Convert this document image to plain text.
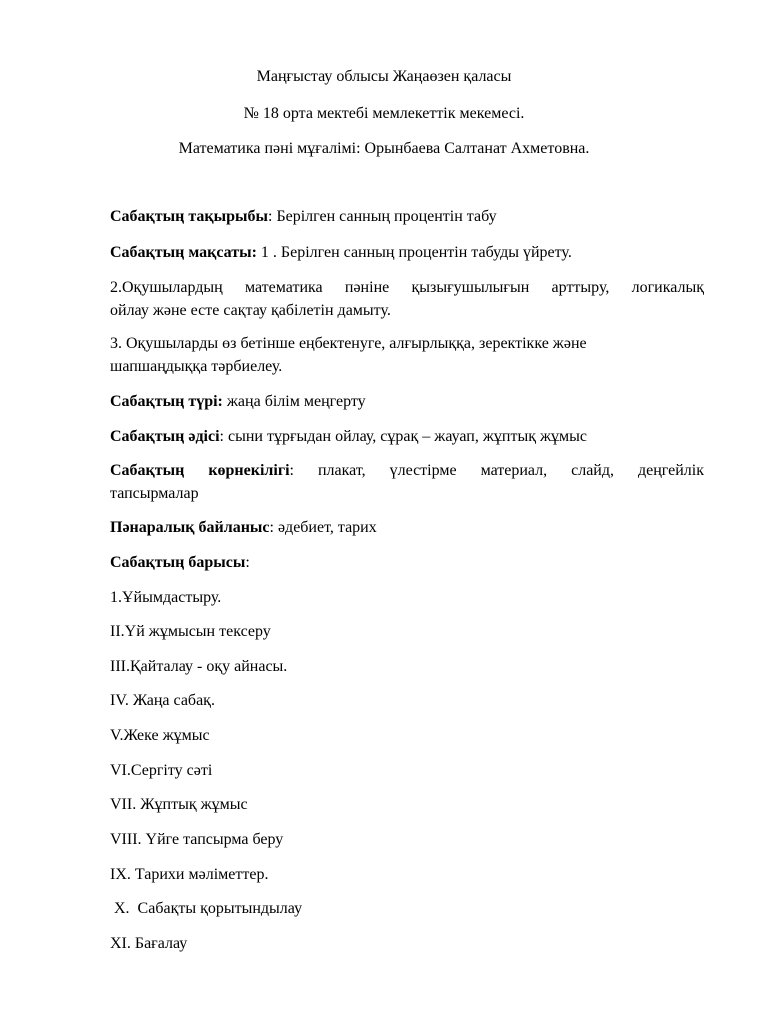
Маңғыстау облысы Жаңаөзен қаласы
№ 18 орта мектебі мемлекеттік мекемесі.
Математика пәні мұғалімі: Орынбаева Салтанат Ахметовна.
Сабақтың тақырыбы: Берілген санның процентін табу
Сабақтың мақсаты: 1 . Берілген санның процентін табуды үйрету.
2.Оқушылардың математика пәніне қызығушылығын арттыру, логикалық
ойлау және есте сақтау қабілетін дамыту.
3. Оқушыларды өз бетінше еңбектенуге, алғырлыққа, зеректікке және
шапшаңдыққа тәрбиелеу.
Сабақтың түрі: жаңа білім меңгерту
Сабақтың әдісі: сыни тұрғыдан ойлау, сұрақ – жауап, жұптық жұмыс
Сабақтың көрнекілігі: плакат, үлестірме материал, слайд, деңгейлік
тапсырмалар
Пәнаралық байланыс: әдебиет, тарих
Сабақтың барысы:
1.Ұйымдастыру.
II.Үй жұмысын тексеру
III.Қайталау - оқу айнасы.
IV. Жаңа сабақ.
V.Жеке жұмыс
VI.Сергіту сәті
VII. Жұптық жұмыс
VIII. Үйге тапсырма беру
IX. Тарихи мәліметтер.
X.  Сабақты қорытындылау
XI. Бағалау
